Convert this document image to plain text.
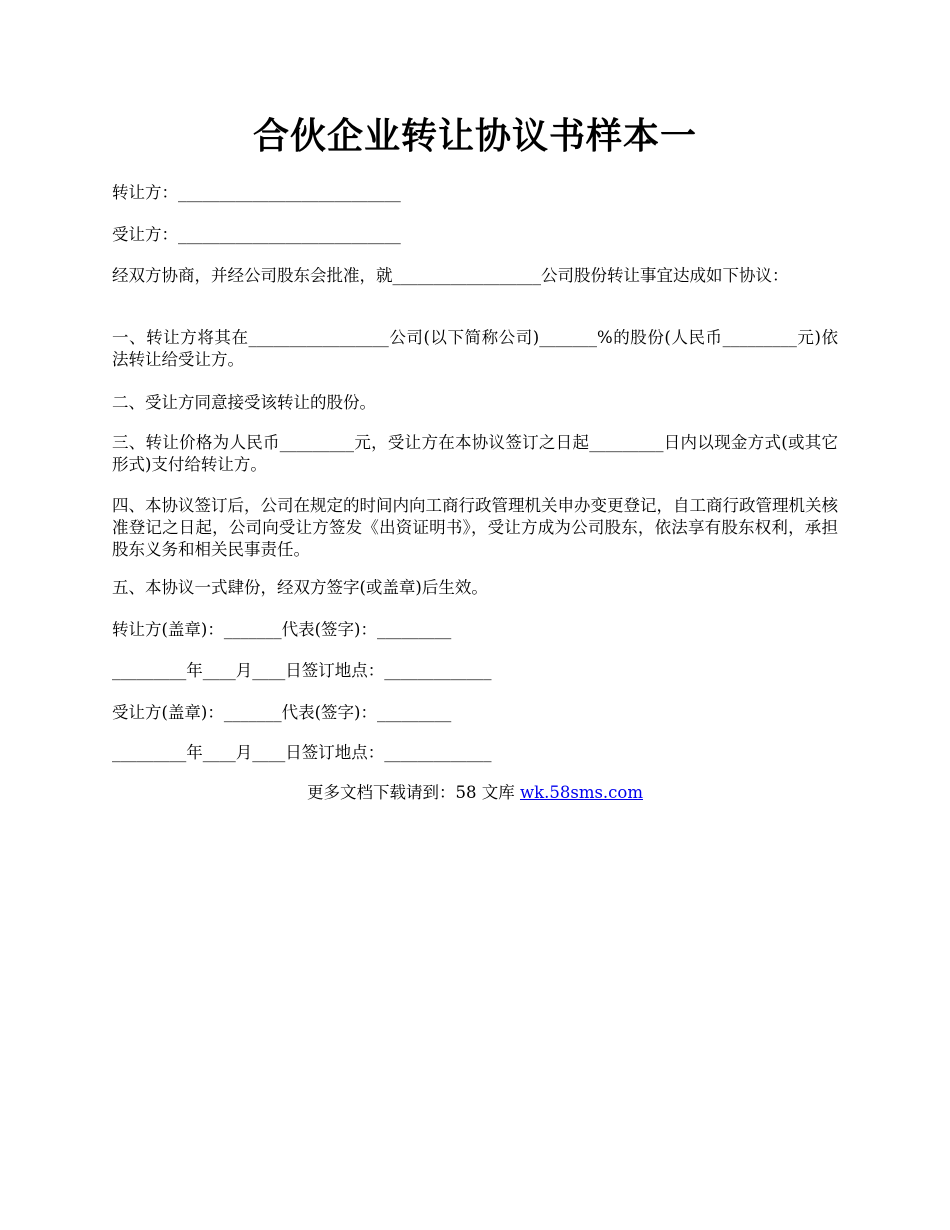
合伙企业转让协议书样本一

转让方：___________________________

受让方：___________________________

经双方协商，并经公司股东会批准，就__________________公司股份转让事宜达成如下协议：

一、转让方将其在_________________公司(以下简称公司)_______%的股份(人民币_________元)依法转让给受让方。

二、受让方同意接受该转让的股份。

三、转让价格为人民币_________元，受让方在本协议签订之日起_________日内以现金方式(或其它形式)支付给转让方。

四、本协议签订后，公司在规定的时间内向工商行政管理机关申办变更登记，自工商行政管理机关核准登记之日起，公司向受让方签发《出资证明书》，受让方成为公司股东，依法享有股东权利，承担股东义务和相关民事责任。

五、本协议一式肆份，经双方签字(或盖章)后生效。

转让方(盖章)：_______代表(签字)：_________

_________年____月____日签订地点：_____________

受让方(盖章)：_______代表(签字)：_________

_________年____月____日签订地点：_____________

更多文档下载请到：58 文库 wk.58sms.com
